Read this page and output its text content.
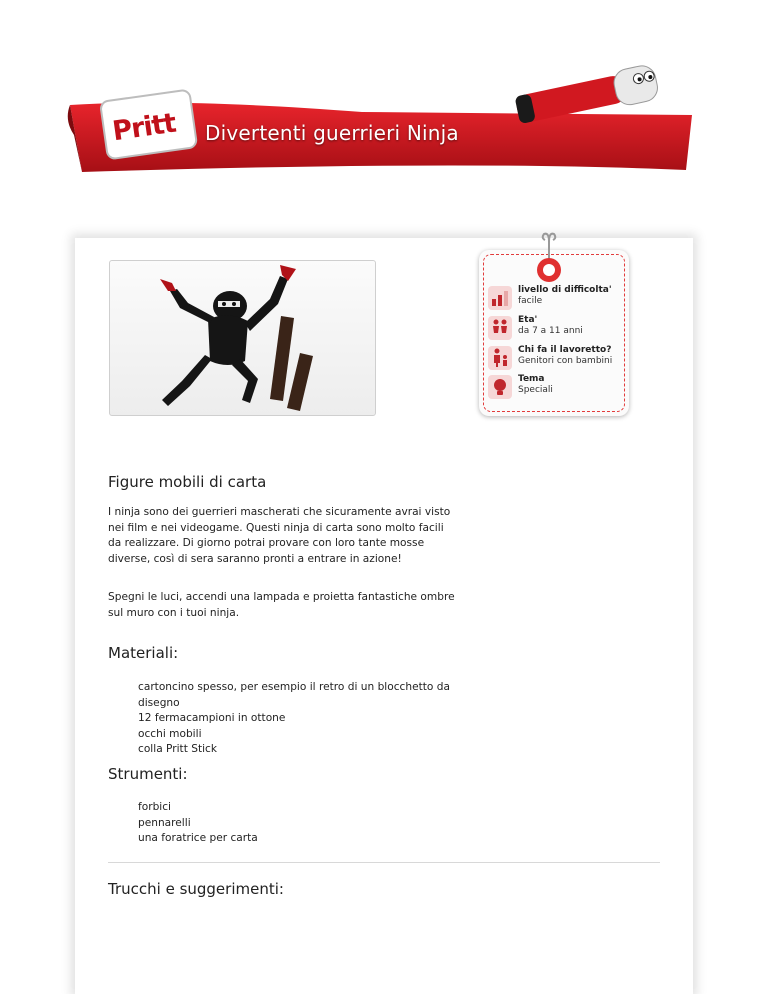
Pritt	Divertenti guerrieri Ninja
livello di difficolta'
facile
Eta'
da 7 a 11 anni
Chi fa il lavoretto?
Genitori con bambini
Tema
Speciali
Figure mobili di carta
I ninja sono dei guerrieri mascherati che sicuramente avrai visto nei film e nei videogame. Questi ninja di carta sono molto facili da realizzare. Di giorno potrai provare con loro tante mosse diverse, così di sera saranno pronti a entrare in azione!
Spegni le luci, accendi una lampada e proietta fantastiche ombre sul muro con i tuoi ninja.
Materiali:
cartoncino spesso, per esempio il retro di un blocchetto da disegno
12 fermacampioni in ottone
occhi mobili
colla Pritt Stick
Strumenti:
forbici
pennarelli
una foratrice per carta
Trucchi e suggerimenti:
